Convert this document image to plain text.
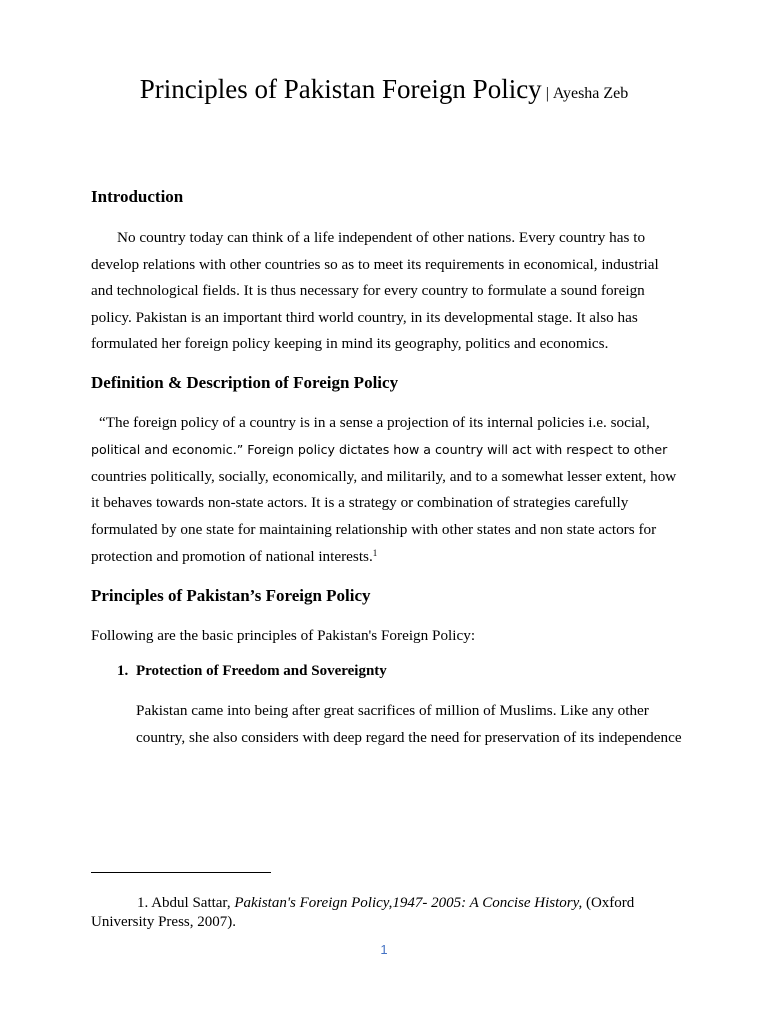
Principles of Pakistan Foreign Policy | Ayesha Zeb
Introduction
No country today can think of a life independent of other nations. Every country has to
develop relations with other countries so as to meet its requirements in economical, industrial
and technological fields. It is thus necessary for every country to formulate a sound foreign
policy. Pakistan is an important third world country, in its developmental stage. It also has
formulated her foreign policy keeping in mind its geography, politics and economics.
Definition & Description of Foreign Policy
“The foreign policy of a country is in a sense a projection of its internal policies i.e. social,
political and economic.” Foreign policy dictates how a country will act with respect to other
countries politically, socially, economically, and militarily, and to a somewhat lesser extent, how
it behaves towards non-state actors. It is a strategy or combination of strategies carefully
formulated by one state for maintaining relationship with other states and non state actors for
protection and promotion of national interests.$^1$
Principles of Pakistan’s Foreign Policy
Following are the basic principles of Pakistan's Foreign Policy:
1. Protection of Freedom and Sovereignty
Pakistan came into being after great sacrifices of million of Muslims. Like any other
country, she also considers with deep regard the need for preservation of its independence
1. Abdul Sattar, Pakistan's Foreign Policy,1947- 2005: A Concise History, (Oxford University Press, 2007).
1
